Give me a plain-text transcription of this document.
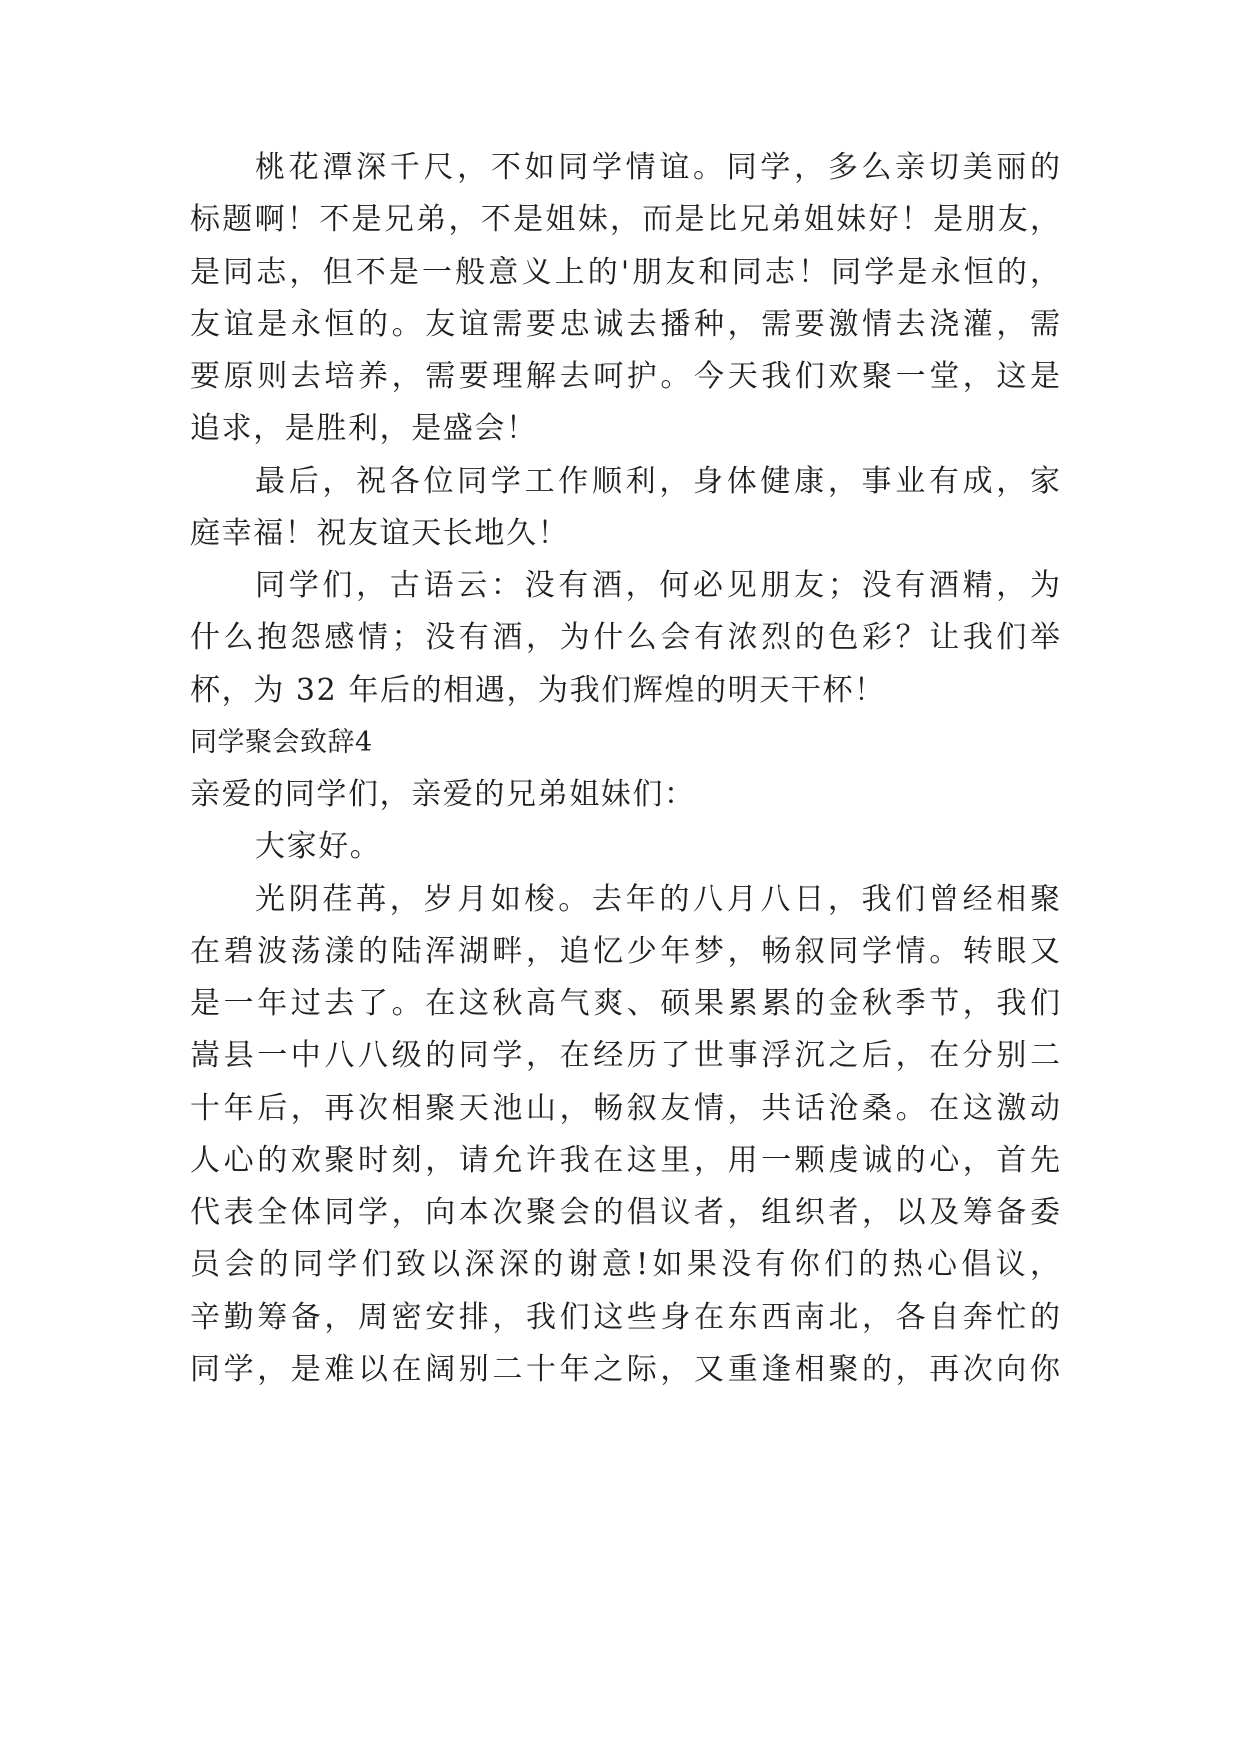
桃花潭深千尺，不如同学情谊。同学，多么亲切美丽的
标题啊！不是兄弟，不是姐妹，而是比兄弟姐妹好！是朋友，
是同志，但不是一般意义上的'朋友和同志！同学是永恒的，
友谊是永恒的。友谊需要忠诚去播种，需要激情去浇灌，需
要原则去培养，需要理解去呵护。今天我们欢聚一堂，这是
追求，是胜利，是盛会！
最后，祝各位同学工作顺利，身体健康，事业有成，家
庭幸福！祝友谊天长地久！
同学们，古语云：没有酒，何必见朋友；没有酒精，为
什么抱怨感情；没有酒，为什么会有浓烈的色彩？让我们举
杯，为 32 年后的相遇，为我们辉煌的明天干杯！
同学聚会致辞4
亲爱的同学们，亲爱的兄弟姐妹们：
大家好。
光阴荏苒，岁月如梭。去年的八月八日，我们曾经相聚
在碧波荡漾的陆浑湖畔，追忆少年梦，畅叙同学情。转眼又
是一年过去了。在这秋高气爽、硕果累累的金秋季节，我们
嵩县一中八八级的同学，在经历了世事浮沉之后，在分别二
十年后，再次相聚天池山，畅叙友情，共话沧桑。在这激动
人心的欢聚时刻，请允许我在这里，用一颗虔诚的心，首先
代表全体同学，向本次聚会的倡议者，组织者，以及筹备委
员会的同学们致以深深的谢意!如果没有你们的热心倡议，
辛勤筹备，周密安排，我们这些身在东西南北，各自奔忙的
同学，是难以在阔别二十年之际，又重逢相聚的，再次向你
